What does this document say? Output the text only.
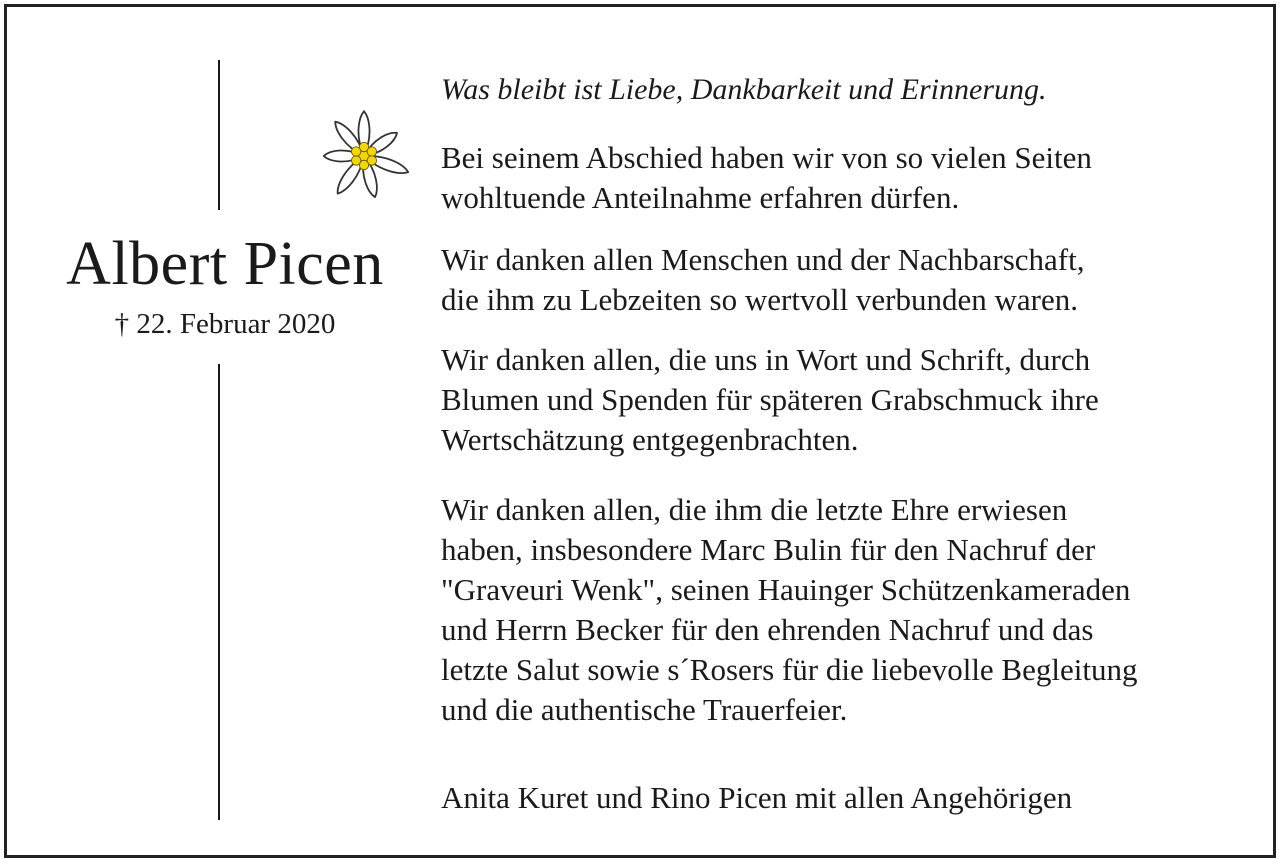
Albert Picen
† 22. Februar 2020
Was bleibt ist Liebe, Dankbarkeit und Erinnerung.
Bei seinem Abschied haben wir von so vielen Seiten
wohltuende Anteilnahme erfahren dürfen.
Wir danken allen Menschen und der Nachbarschaft,
die ihm zu Lebzeiten so wertvoll verbunden waren.
Wir danken allen, die uns in Wort und Schrift, durch
Blumen und Spenden für späteren Grabschmuck ihre
Wertschätzung entgegenbrachten.
Wir danken allen, die ihm die letzte Ehre erwiesen
haben, insbesondere Marc Bulin für den Nachruf der
"Graveuri Wenk", seinen Hauinger Schützenkameraden
und Herrn Becker für den ehrenden Nachruf und das
letzte Salut sowie s´Rosers für die liebevolle Begleitung
und die authentische Trauerfeier.
Anita Kuret und Rino Picen mit allen Angehörigen
